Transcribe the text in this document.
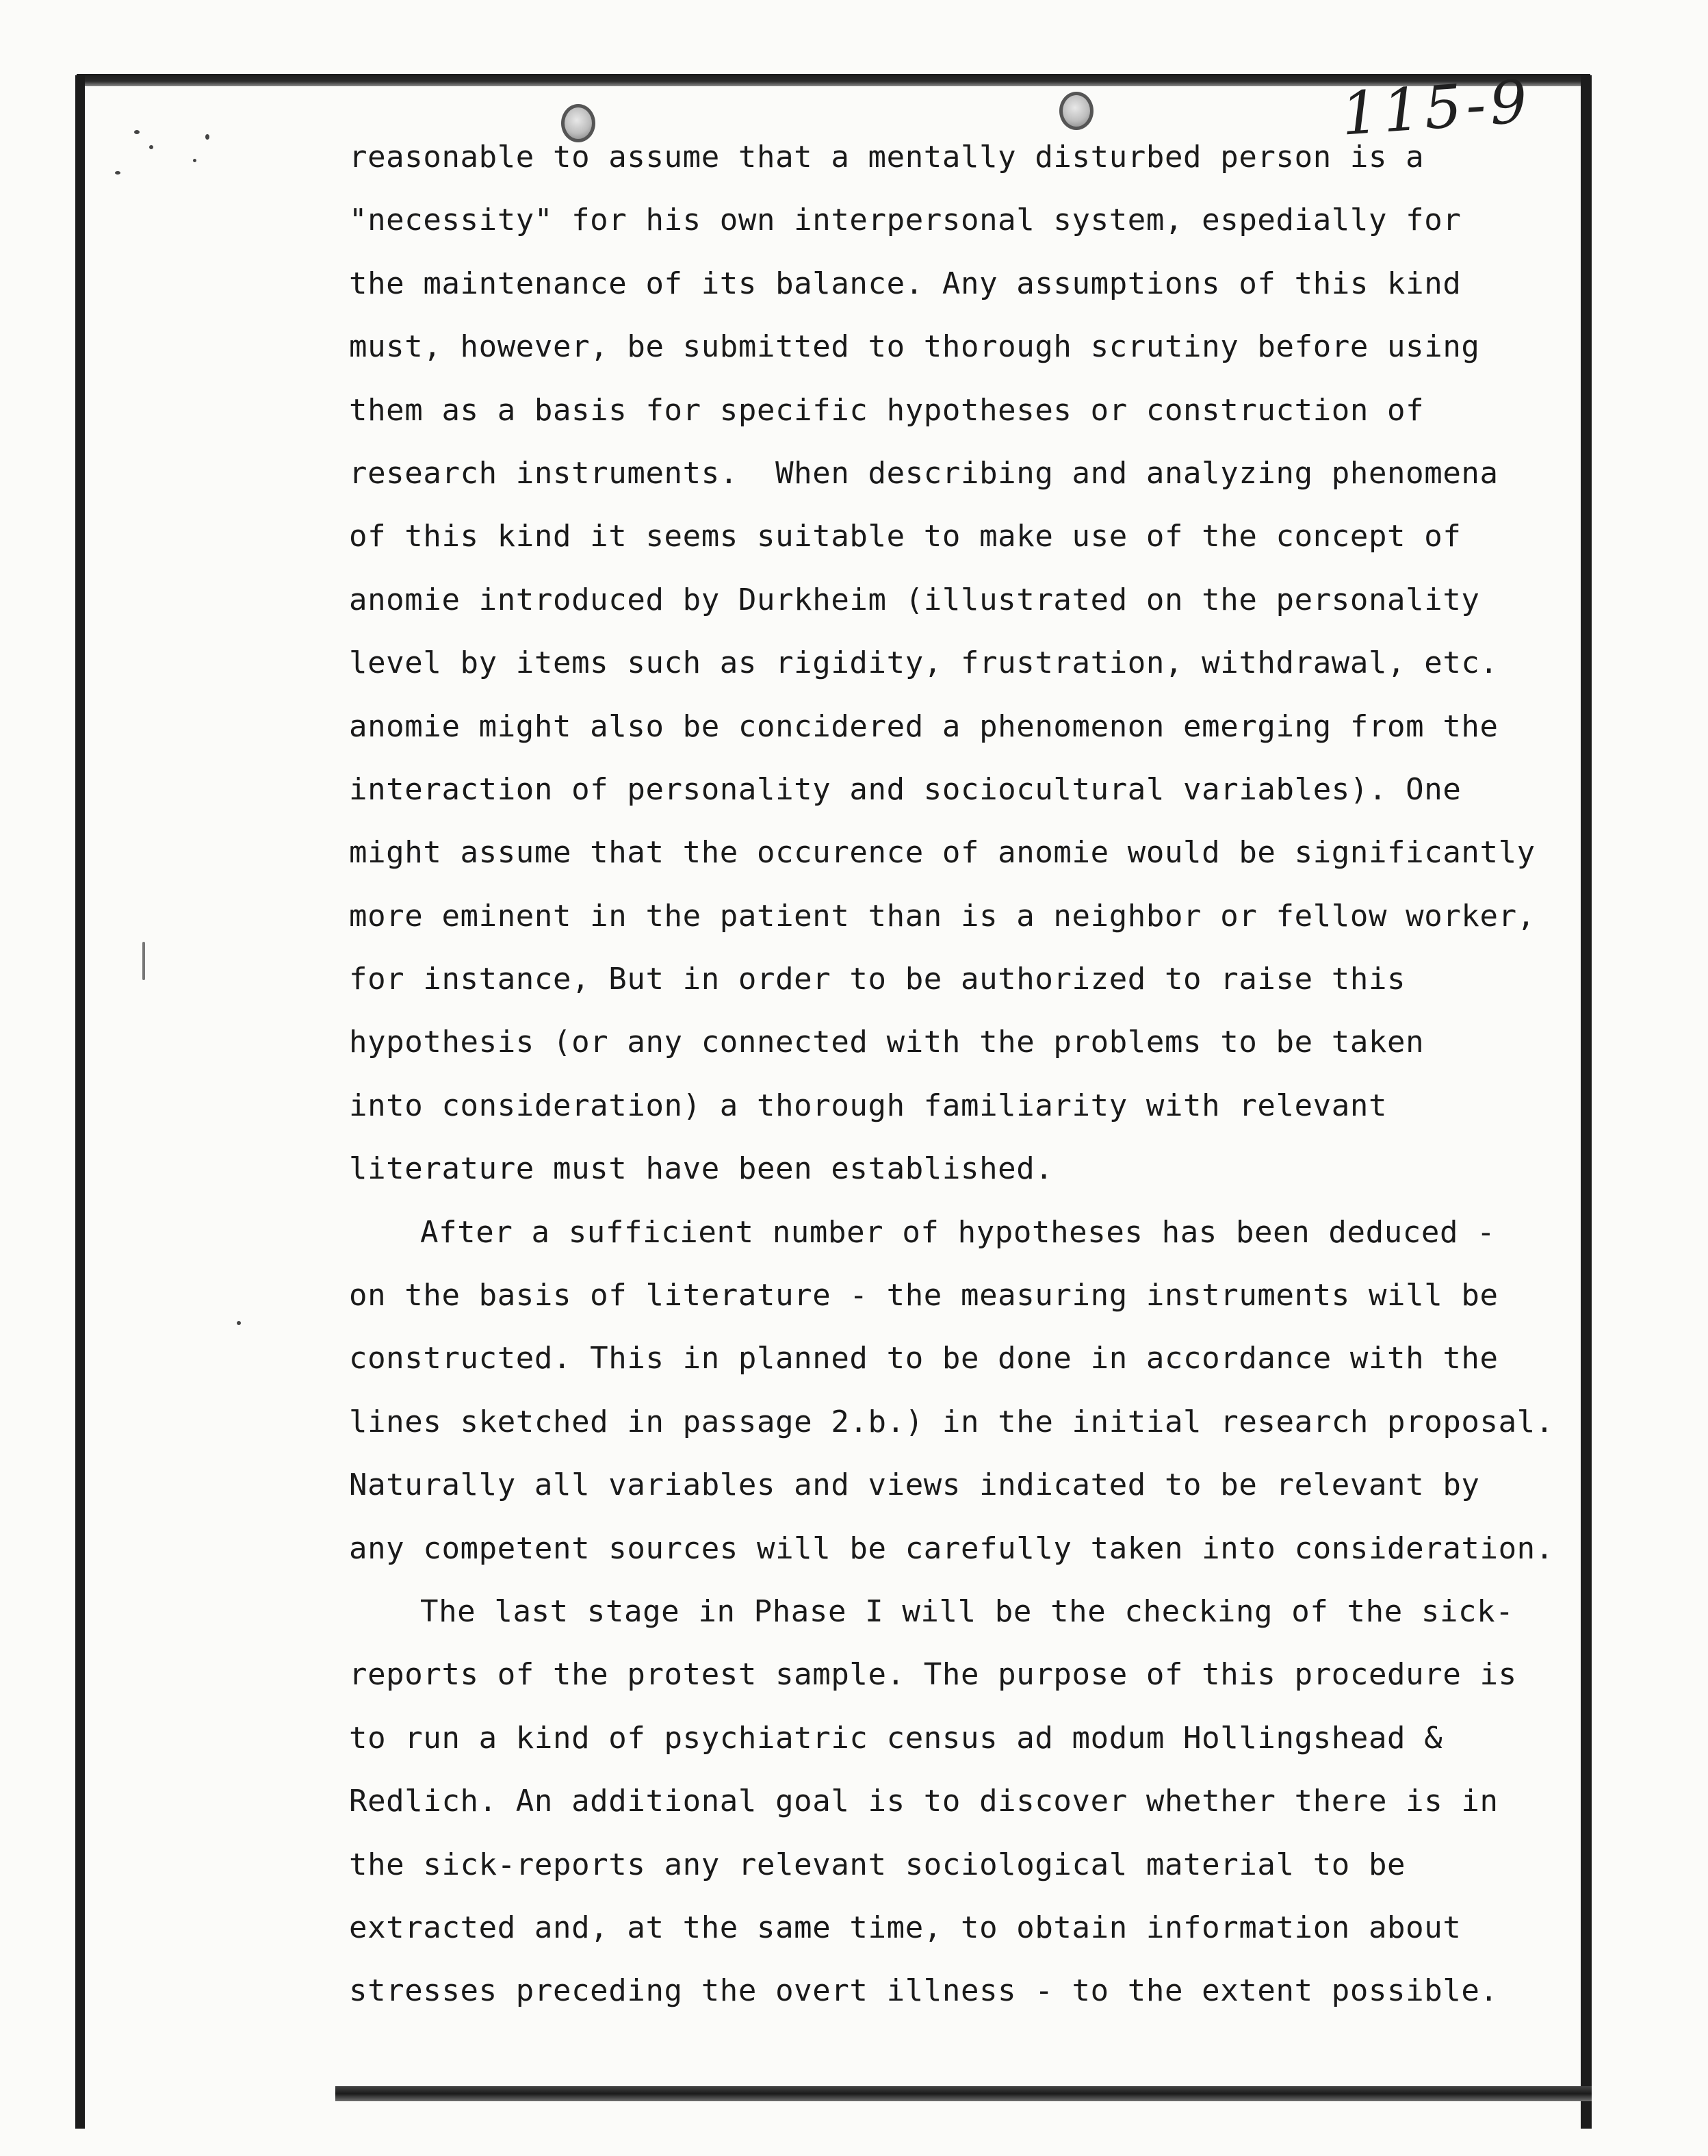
115-9
reasonable to assume that a mentally disturbed person is a
"necessity" for his own interpersonal system, espedially for
the maintenance of its balance. Any assumptions of this kind
must, however, be submitted to thorough scrutiny before using
them as a basis for specific hypotheses or construction of
research instruments.  When describing and analyzing phenomena
of this kind it seems suitable to make use of the concept of
anomie introduced by Durkheim (illustrated on the personality
level by items such as rigidity, frustration, withdrawal, etc.
anomie might also be concidered a phenomenon emerging from the
interaction of personality and sociocultural variables). One
might assume that the occurence of anomie would be significantly
more eminent in the patient than is a neighbor or fellow worker,
for instance, But in order to be authorized to raise this
hypothesis (or any connected with the problems to be taken
into consideration) a thorough familiarity with relevant
literature must have been established.
After a sufficient number of hypotheses has been deduced -
on the basis of literature - the measuring instruments will be
constructed. This in planned to be done in accordance with the
lines sketched in passage 2.b.) in the initial research proposal.
Naturally all variables and views indicated to be relevant by
any competent sources will be carefully taken into consideration.
The last stage in Phase I will be the checking of the sick-
reports of the protest sample. The purpose of this procedure is
to run a kind of psychiatric census ad modum Hollingshead &
Redlich. An additional goal is to discover whether there is in
the sick-reports any relevant sociological material to be
extracted and, at the same time, to obtain information about
stresses preceding the overt illness - to the extent possible.
